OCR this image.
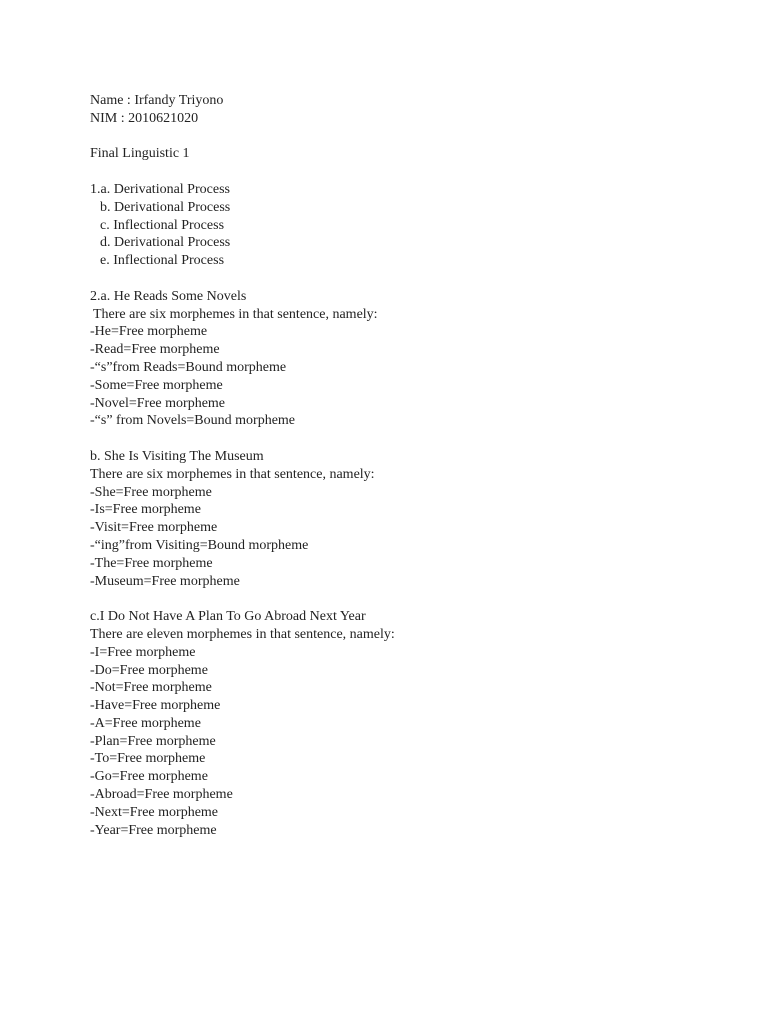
Name : Irfandy Triyono
NIM : 2010621020
Final Linguistic 1
1.a. Derivational Process
b. Derivational Process
c. Inflectional Process
d. Derivational Process
e. Inflectional Process
2.a. He Reads Some Novels
There are six morphemes in that sentence, namely:
-He=Free morpheme
-Read=Free morpheme
-“s”from Reads=Bound morpheme
-Some=Free morpheme
-Novel=Free morpheme
-“s” from Novels=Bound morpheme
b. She Is Visiting The Museum
There are six morphemes in that sentence, namely:
-She=Free morpheme
-Is=Free morpheme
-Visit=Free morpheme
-“ing”from Visiting=Bound morpheme
-The=Free morpheme
-Museum=Free morpheme
c.I Do Not Have A Plan To Go Abroad Next Year
There are eleven morphemes in that sentence, namely:
-I=Free morpheme
-Do=Free morpheme
-Not=Free morpheme
-Have=Free morpheme
-A=Free morpheme
-Plan=Free morpheme
-To=Free morpheme
-Go=Free morpheme
-Abroad=Free morpheme
-Next=Free morpheme
-Year=Free morpheme
